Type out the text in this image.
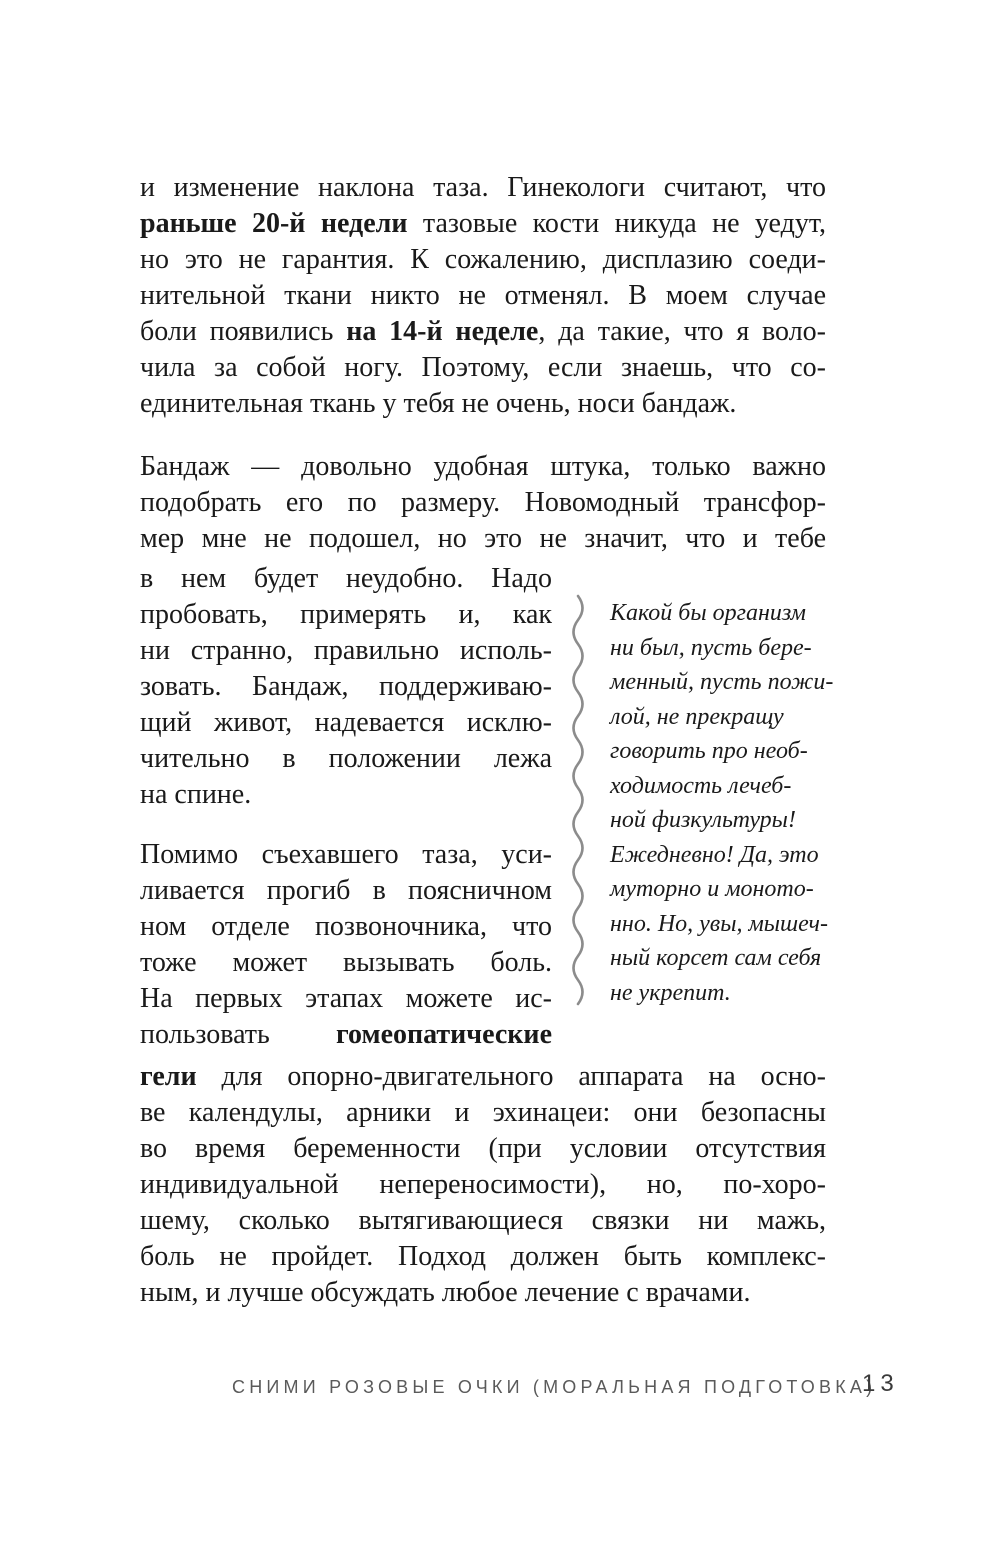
и изменение наклона таза. Гинекологи считают, что
раньше 20-й недели тазовые кости никуда не уедут,
но это не гарантия. К сожалению, дисплазию соеди-
нительной ткани никто не отменял. В моем случае
боли появились на 14-й неделе, да такие, что я воло-
чила за собой ногу. Поэтому, если знаешь, что со-
единительная ткань у тебя не очень, носи бандаж.
Бандаж — довольно удобная штука, только важно
подобрать его по размеру. Новомодный трансфор-
мер мне не подошел, но это не значит, что и тебе
в нем будет неудобно. Надо
пробовать, примерять и, как
ни странно, правильно исполь-
зовать. Бандаж, поддерживаю-
щий живот, надевается исклю-
чительно в положении лежа
на спине.
Помимо съехавшего таза, уси-
ливается прогиб в поясничном
ном отделе позвоночника, что
тоже может вызывать боль.
На первых этапах можете ис-
пользовать гомеопатические
гели для опорно-двигательного аппарата на осно-
ве календулы, арники и эхинацеи: они безопасны
во время беременности (при условии отсутствия
индивидуальной непереносимости), но, по-хоро-
шему, сколько вытягивающиеся связки ни мажь,
боль не пройдет. Подход должен быть комплекс-
ным, и лучше обсуждать любое лечение с врачами.
Какой бы организм
ни был, пусть бере-
менный, пусть пожи-
лой, не прекращу
говорить про необ-
ходимость лечеб-
ной физкультуры!
Ежедневно! Да, это
муторно и моното-
нно. Но, увы, мышеч-
ный корсет сам себя
не укрепит.
СНИМИ РОЗОВЫЕ ОЧКИ (МОРАЛЬНАЯ ПОДГОТОВКА)
13
